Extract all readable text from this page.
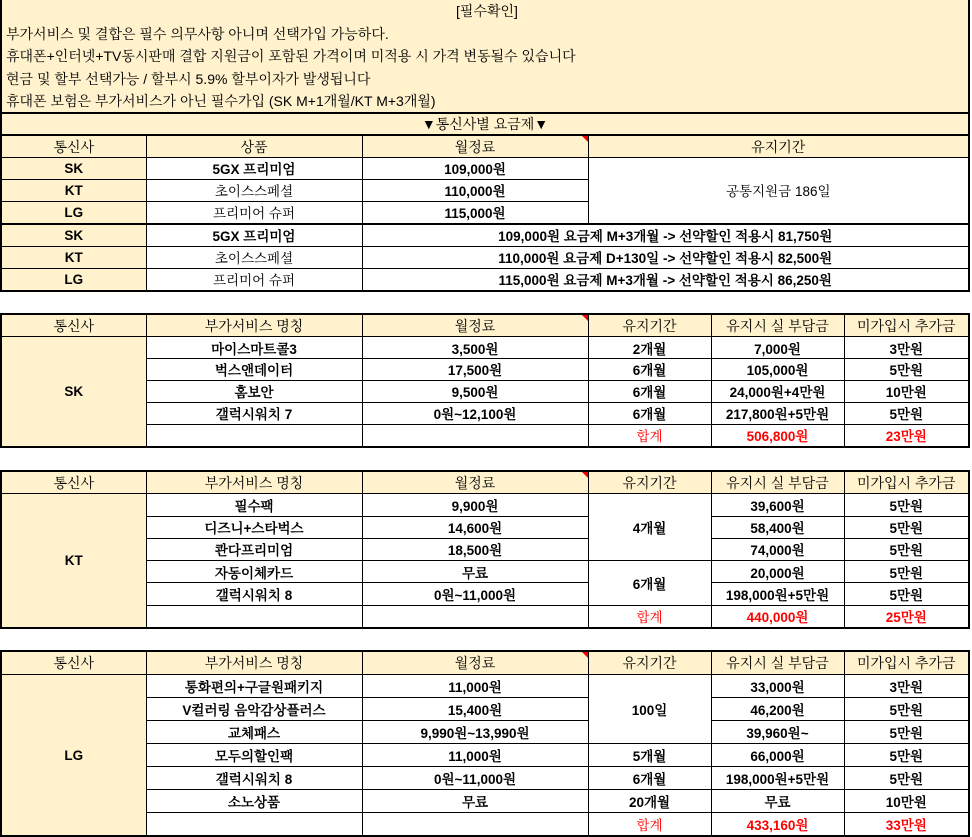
[필수확인]
부가서비스 및 결합은 필수 의무사항 아니며 선택가입 가능하다.
휴대폰+인터넷+TV동시판매 결합 지원금이 포함된 가격이며 미적용 시 가격 변동될수 있습니다
현금 및 할부 선택가능 / 할부시 5.9% 할부이자가 발생됩니다
휴대폰 보험은 부가서비스가 아닌 필수가입 (SK M+1개월/KT M+3개월)
▼통신사별 요금제▼
통신사	상품	월정료	유지기간
SK	5GX 프리미엄	109,000원	공통지원금 186일
KT	초이스스페셜	110,000원	
LG	프리미어 슈퍼	115,000원	
SK	5GX 프리미엄	109,000원 요금제 M+3개월 -> 선약할인 적용시 81,750원	
KT	초이스스페셜	110,000원 요금제 D+130일 -> 선약할인 적용시 82,500원	
LG	프리미어 슈퍼	115,000원 요금제 M+3개월 -> 선약할인 적용시 86,250원	
통신사	부가서비스 명칭	월정료	유지기간	유지시 실 부담금	미가입시 추가금
SK	마이스마트콜3	3,500원	2개월	7,000원	3만원
	벅스앤데이터	17,500원	6개월	105,000원	5만원
	홈보안	9,500원	6개월	24,000원+4만원	10만원
	갤럭시워치 7	0원~12,100원	6개월	217,800원+5만원	5만원
			합계	506,800원	23만원
통신사	부가서비스 명칭	월정료	유지기간	유지시 실 부담금	미가입시 추가금
KT	필수팩	9,900원	4개월	39,600원	5만원
	디즈니+스타벅스	14,600원		58,400원	5만원
	콴다프리미엄	18,500원		74,000원	5만원
	자동이체카드	무료	6개월	20,000원	5만원
	갤럭시워치 8	0원~11,000원		198,000원+5만원	5만원
			합계	440,000원	25만원
통신사	부가서비스 명칭	월정료	유지기간	유지시 실 부담금	미가입시 추가금
LG	통화편의+구글원패키지	11,000원	100일	33,000원	3만원
	V컬러링 음악감상플러스	15,400원		46,200원	5만원
	교체패스	9,990원~13,990원		39,960원~	5만원
	모두의할인팩	11,000원	5개월	66,000원	5만원
	갤럭시워치 8	0원~11,000원	6개월	198,000원+5만원	5만원
	소노상품	무료	20개월	무료	10만원
			합계	433,160원	33만원
